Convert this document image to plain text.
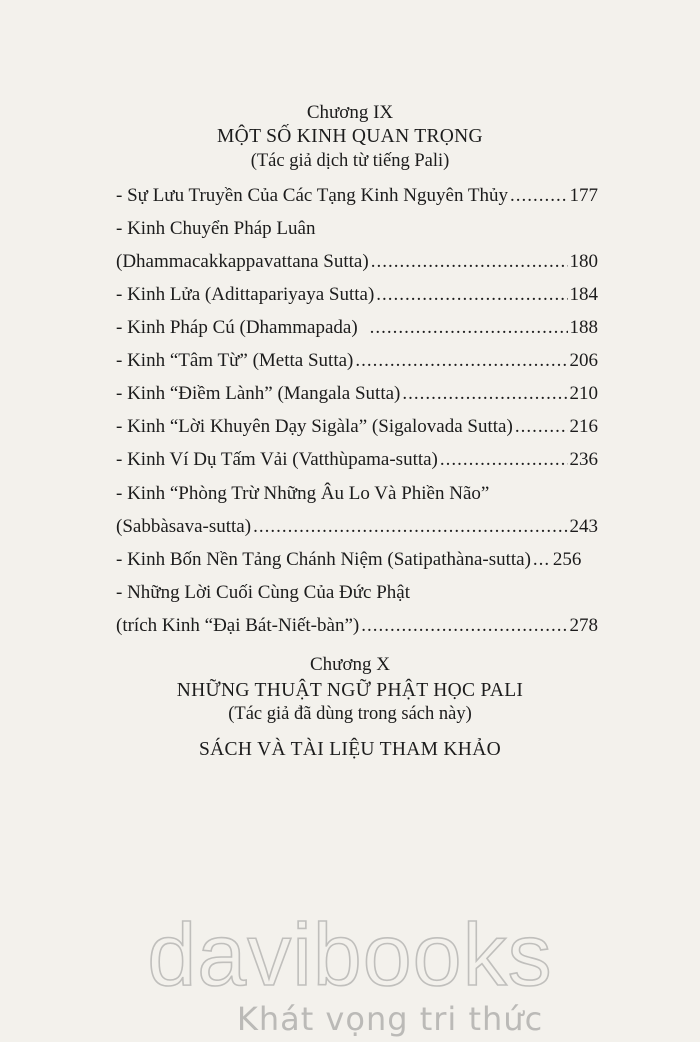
Chương IX
MỘT SỐ KINH QUAN TRỌNG
(Tác giả dịch từ tiếng Pali)
- Sự Lưu Truyền Của Các Tạng Kinh Nguyên Thủy .....	177
- Kinh Chuyển Pháp Luân
(Dhammacakkappavattana Sutta) .....	180
- Kinh Lửa (Adittapariyaya Sutta) .....	184
- Kinh Pháp Cú (Dhammapada) .....	188
- Kinh “Tâm Từ” (Metta Sutta) .....	206
- Kinh “Điềm Lành” (Mangala Sutta) .....	210
- Kinh “Lời Khuyên Dạy Sigàla” (Sigalovada Sutta) .....	216
- Kinh Ví Dụ Tấm Vải (Vatthùpama-sutta) .....	236
- Kinh “Phòng Trừ Những Âu Lo Và Phiền Não”
(Sabbàsava-sutta) .....	243
- Kinh Bốn Nền Tảng Chánh Niệm (Satipathàna-sutta) ..... 256
- Những Lời Cuối Cùng Của Đức Phật
(trích Kinh “Đại Bát-Niết-bàn”) .....	278
Chương X
NHỮNG THUẬT NGỮ PHẬT HỌC PALI
(Tác giả đã dùng trong sách này)
SÁCH VÀ TÀI LIỆU THAM KHẢO
davibooks
Khát vọng tri thức
